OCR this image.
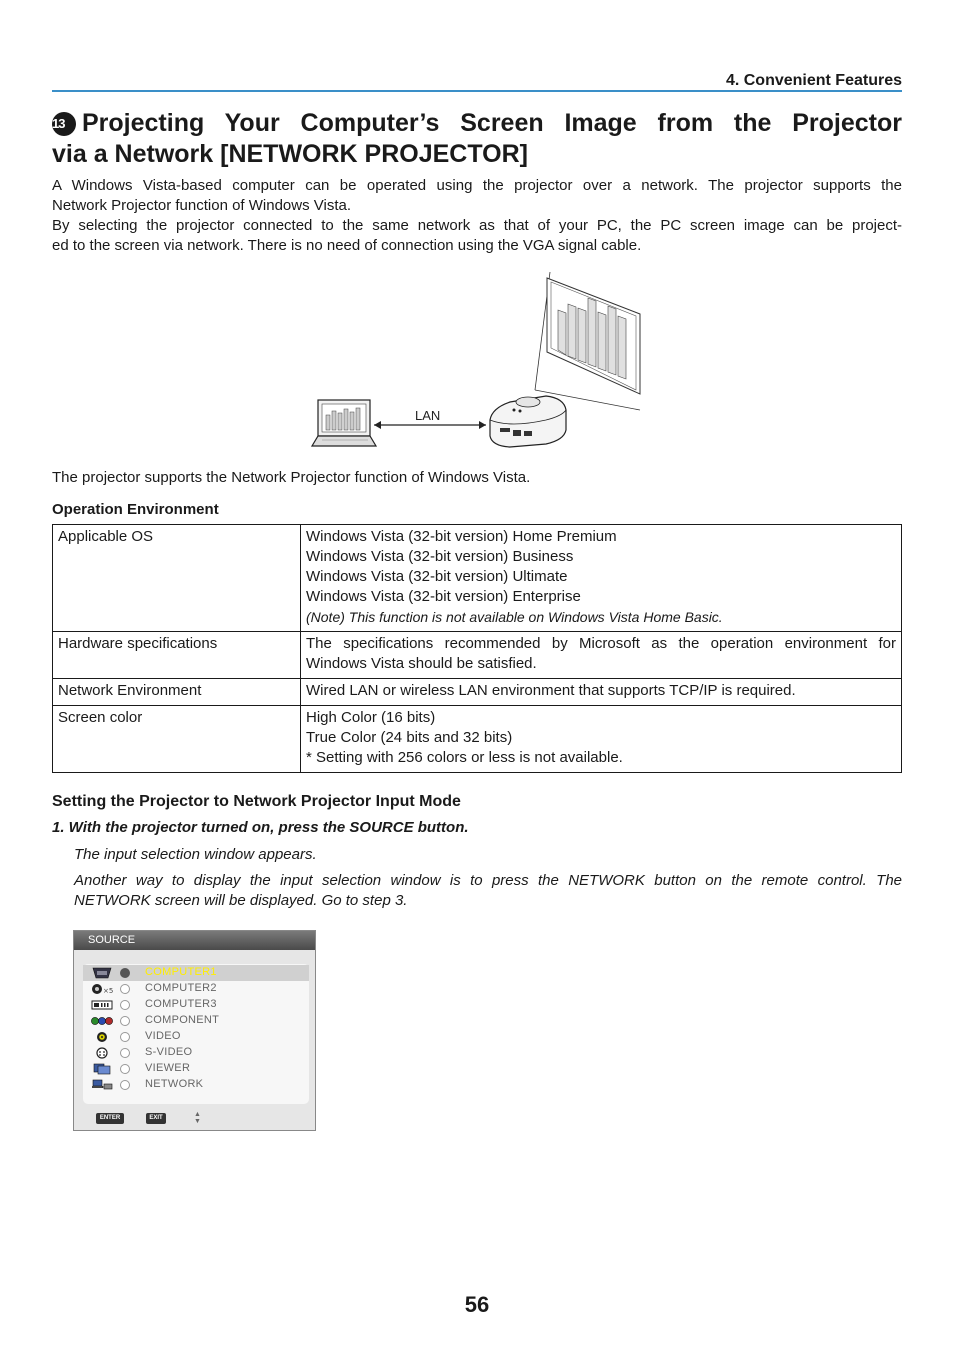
4. Convenient Features
13 Projecting Your Computer’s Screen Image from the Projector
via a Network [NETWORK PROJECTOR]
A Windows Vista-based computer can be operated using the projector over a network. The projector supports the
Network Projector function of Windows Vista.
By selecting the projector connected to the same network as that of your PC, the PC screen image can be project-
ed to the screen via network. There is no need of connection using the VGA signal cable.
LAN
The projector supports the Network Projector function of Windows Vista.
Operation Environment
Applicable OS	Windows Vista (32-bit version) Home Premium
Windows Vista (32-bit version) Business
Windows Vista (32-bit version) Ultimate
Windows Vista (32-bit version) Enterprise
(Note) This function is not available on Windows Vista Home Basic.

Hardware specifications	The specifications recommended by Microsoft as the operation environment for
Windows Vista should be satisfied.
Network Environment	Wired LAN or wireless LAN environment that supports TCP/IP is required.
Screen color	High Color (16 bits)
True Color (24 bits and 32 bits)
* Setting with 256 colors or less is not available.
Setting the Projector to Network Projector Input Mode
1. With the projector turned on, press the SOURCE button.
The input selection window appears.
Another way to display the input selection window is to press the NETWORK button on the remote control. The
NETWORK screen will be displayed. Go to step 3.
SOURCE
COMPUTER1
×5	COMPUTER2
COMPUTER3
COMPONENT
VIDEO
S-VIDEO
VIEWER
NETWORK
ENTER	EXIT	▲
▼
56
